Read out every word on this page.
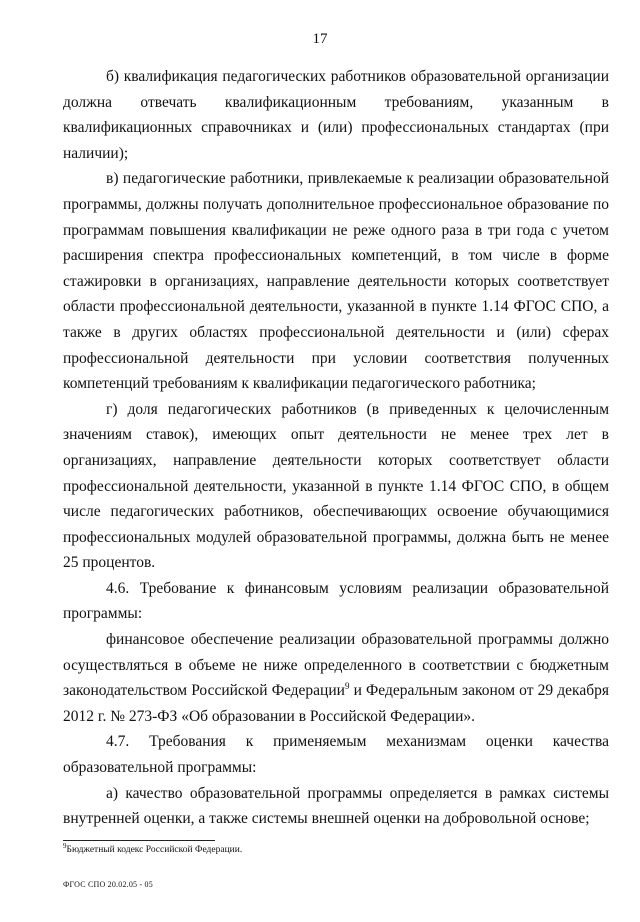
17

б) квалификация педагогических работников образовательной организации должна отвечать квалификационным требованиям, указанным в квалификационных справочниках и (или) профессиональных стандартах (при наличии);

в) педагогические работники, привлекаемые к реализации образовательной программы, должны получать дополнительное профессиональное образование по программам повышения квалификации не реже одного раза в три года с учетом расширения спектра профессиональных компетенций, в том числе в форме стажировки в организациях, направление деятельности которых соответствует области профессиональной деятельности, указанной в пункте 1.14 ФГОС СПО, а также в других областях профессиональной деятельности и (или) сферах профессиональной деятельности при условии соответствия полученных компетенций требованиям к квалификации педагогического работника;

г) доля педагогических работников (в приведенных к целочисленным значениям ставок), имеющих опыт деятельности не менее трех лет в организациях, направление деятельности которых соответствует области профессиональной деятельности, указанной в пункте 1.14 ФГОС СПО, в общем числе педагогических работников, обеспечивающих освоение обучающимися профессиональных модулей образовательной программы, должна быть не менее 25 процентов.

4.6. Требование к финансовым условиям реализации образовательной программы:

финансовое обеспечение реализации образовательной программы должно осуществляться в объеме не ниже определенного в соответствии с бюджетным законодательством Российской Федерации$^9$ и Федеральным законом от 29 декабря 2012 г. № 273-ФЗ «Об образовании в Российской Федерации».

4.7. Требования к применяемым механизмам оценки качества образовательной программы:

а) качество образовательной программы определяется в рамках системы внутренней оценки, а также системы внешней оценки на добровольной основе;

$^9$Бюджетный кодекс Российской Федерации.
ФГОС СПО 20.02.05 - 05
